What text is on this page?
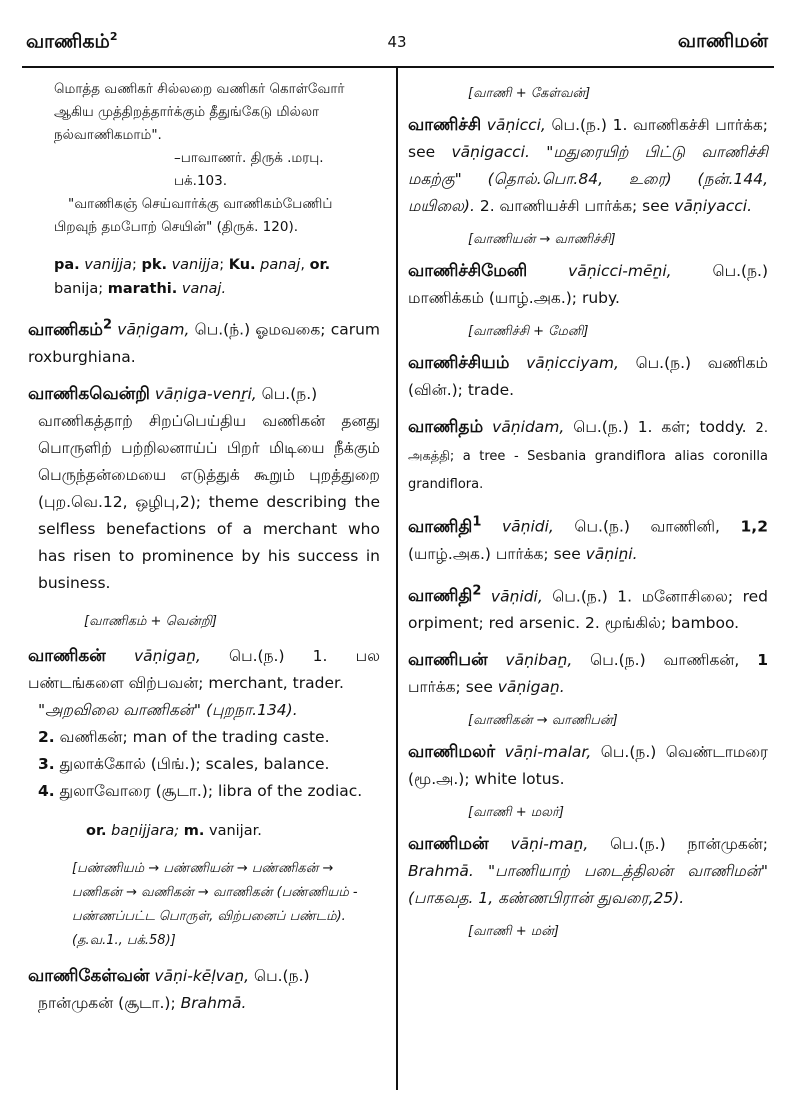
வாணிகம்$^2$	43	வாணிமன்
மொத்த வணிகர் சில்லறை வணிகர் கொள்வோர்
ஆகிய முத்திறத்தார்க்கும் தீதுங்கேடு மில்லா
நல்வாணிகமாம்".
–பாவாணர். திருக் .மரபு. பக்.103.
"வாணிகஞ் செய்வார்க்கு வாணிகம்பேணிப்
பிறவுந் தமபோற் செயின்" (திருக். 120).
pa. vanijja; pk. vanijja; Ku. panaj, or. banija; marathi. vanaj.
வாணிகம்$^2$ vāṇigam, பெ.(ந்.) ஓமவகை; carum roxburghiana.
வாணிகவென்றி vāṇiga-venṟi, பெ.(ந.)
வாணிகத்தாற் சிறப்பெய்திய வணிகன் தனது பொருளிற் பற்றிலனாய்ப் பிறர் மிடியை நீக்கும் பெருந்தன்மையை எடுத்துக் கூறும் புறத்துறை (புற.வெ.12, ஒழிபு,2); theme describing the selfless benefactions of a merchant who has risen to prominence by his success in business.
[வாணிகம் + வென்றி]
வாணிகன் vāṇigaṉ, பெ.(ந.) 1. பல பண்டங்களை விற்பவன்; merchant, trader.
"அறவிலை வாணிகன்" (புறநா.134).
2. வணிகன்; man of the trading caste.
3. துலாக்கோல் (பிங்.); scales, balance.
4. துலாவோரை (சூடா.); libra of the zodiac.
or. baṉijjara; m. vanijar.
[பண்ணியம் → பண்ணியன் → பண்ணிகன் → பணிகன் → வணிகன் → வாணிகன் (பண்ணியம் - பண்ணப்பட்ட பொருள், விற்பனைப் பண்டம்). (த.வ.1., பக்.58)]
வாணிகேள்வன் vāṇi-kēḷvaṉ, பெ.(ந.)
நான்முகன் (சூடா.); Brahmā.
[வாணி + கேள்வன்]
வாணிச்சி vāṇicci, பெ.(ந.) 1. வாணிகச்சி பார்க்க; see vāṇigacci. "மதுரையிற் பிட்டு வாணிச்சி மகற்கு" (தொல்.பொ.84, உரை) (நன்.144, மயிலை). 2. வாணியச்சி பார்க்க; see vāṇiyacci.
[வாணியன் → வாணிச்சி]
வாணிச்சிமேனி	vāṇicci-mēṉi,	பெ.(ந.) மாணிக்கம் (யாழ்.அக.); ruby.
[வாணிச்சி + மேனி]
வாணிச்சியம் vāṇicciyam, பெ.(ந.) வணிகம் (வின்.); trade.
வாணிதம் vāṇidam, பெ.(ந.) 1. கள்; toddy. 2. அகத்தி; a tree - Sesbania grandiflora alias coronilla grandiflora.
வாணிதி$^1$ vāṇidi, பெ.(ந.) வாணினி, 1,2 (யாழ்.அக.) பார்க்க; see vāṇiṉi.
வாணிதி$^2$ vāṇidi, பெ.(ந.) 1. மனோசிலை; red orpiment; red arsenic. 2. மூங்கில்; bamboo.
வாணிபன் vāṇibaṉ, பெ.(ந.) வாணிகன், 1 பார்க்க; see vāṇigaṉ.
[வாணிகன் → வாணிபன்]
வாணிமலர் vāṇi-malar, பெ.(ந.) வெண்டாமரை (மூ.அ.); white lotus.
[வாணி + மலர்]
வாணிமன் vāṇi-maṉ, பெ.(ந.) நான்முகன்; Brahmā. "பாணியாற் படைத்திலன் வாணிமன்" (பாகவத. 1, கண்ணபிரான் துவரை,25).
[வாணி + மன்]
